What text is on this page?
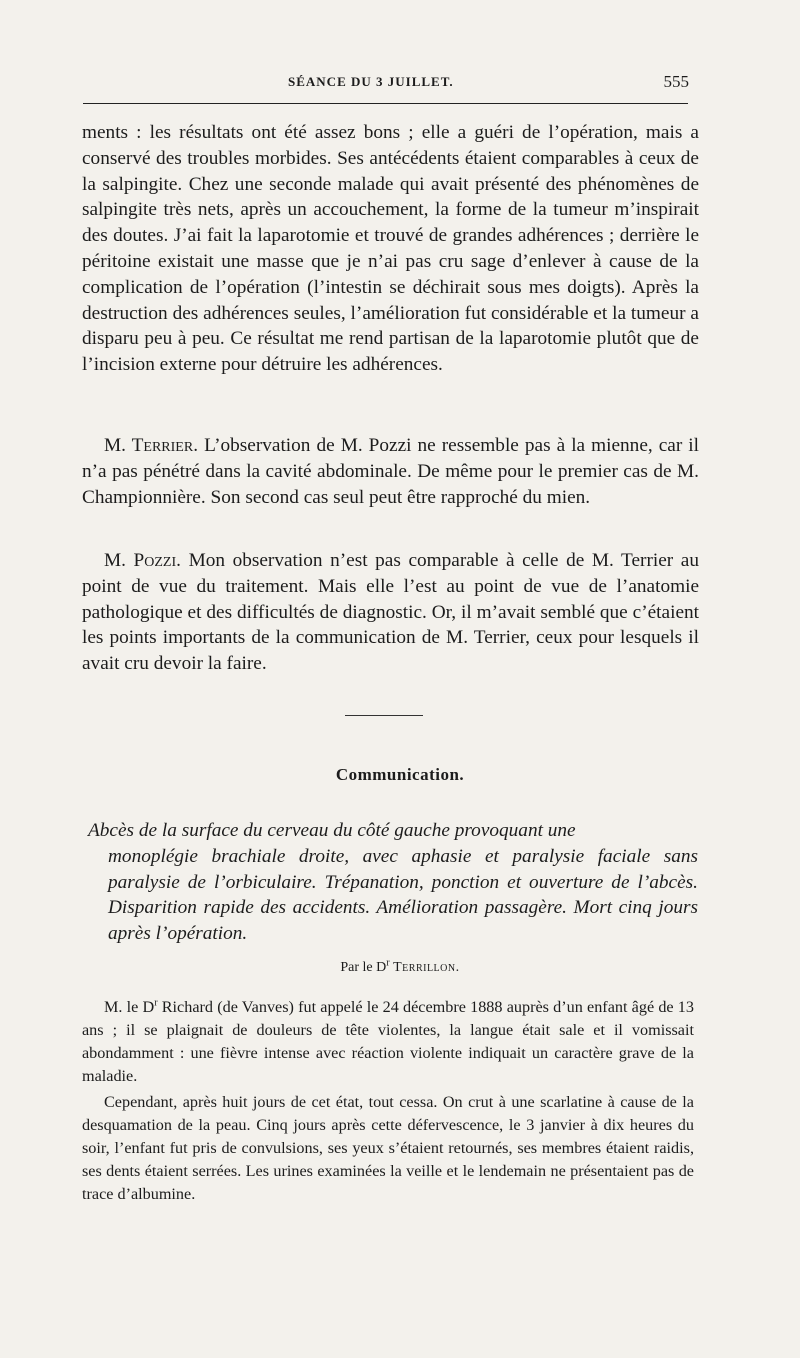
SÉANCE DU 3 JUILLET.	555

ments : les résultats ont été assez bons ; elle a guéri de l’opération, mais a conservé des troubles morbides. Ses antécédents étaient comparables à ceux de la salpingite. Chez une seconde malade qui avait présenté des phénomènes de salpingite très nets, après un accouchement, la forme de la tumeur m’inspirait des doutes. J’ai fait la laparotomie et trouvé de grandes adhérences ; derrière le péritoine existait une masse que je n’ai pas cru sage d’enlever à cause de la complication de l’opération (l’intestin se déchirait sous mes doigts). Après la destruction des adhérences seules, l’amélioration fut considérable et la tumeur a disparu peu à peu. Ce résultat me rend partisan de la laparotomie plutôt que de l’incision externe pour détruire les adhérences.

M. Terrier. L’observation de M. Pozzi ne ressemble pas à la mienne, car il n’a pas pénétré dans la cavité abdominale. De même pour le premier cas de M. Championnière. Son second cas seul peut être rapproché du mien.

M. Pozzi. Mon observation n’est pas comparable à celle de M. Terrier au point de vue du traitement. Mais elle l’est au point de vue de l’anatomie pathologique et des difficultés de diagnostic. Or, il m’avait semblé que c’étaient les points importants de la communication de M. Terrier, ceux pour lesquels il avait cru devoir la faire.

Communication.

Abcès de la surface du cerveau du côté gauche provoquant une
monoplégie brachiale droite, avec aphasie et paralysie faciale sans paralysie de l’orbiculaire. Trépanation, ponction et ouverture de l’abcès. Disparition rapide des accidents. Amélioration passagère. Mort cinq jours après l’opération.

Par le $D^r$ Terrillon.

M. le $D^r$ Richard (de Vanves) fut appelé le 24 décembre 1888 auprès d’un enfant âgé de 13 ans ; il se plaignait de douleurs de tête violentes, la langue était sale et il vomissait abondamment : une fièvre intense avec réaction violente indiquait un caractère grave de la maladie.

Cependant, après huit jours de cet état, tout cessa. On crut à une scarlatine à cause de la desquamation de la peau. Cinq jours après cette défervescence, le 3 janvier à dix heures du soir, l’enfant fut pris de convulsions, ses yeux s’étaient retournés, ses membres étaient raidis, ses dents étaient serrées. Les urines examinées la veille et le lendemain ne présentaient pas de trace d’albumine.
